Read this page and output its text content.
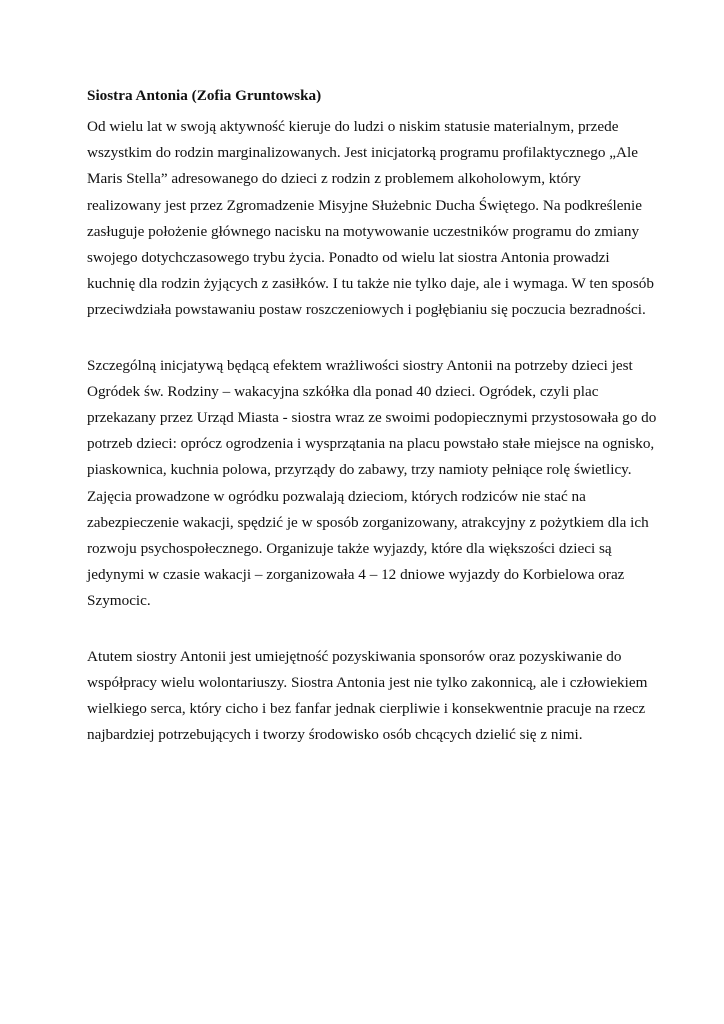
Siostra Antonia (Zofia Gruntowska)
Od wielu lat w swoją aktywność kieruje do ludzi o niskim statusie materialnym, przede
wszystkim do rodzin marginalizowanych. Jest inicjatorką programu profilaktycznego „Ale
Maris Stella” adresowanego do dzieci z rodzin z problemem alkoholowym, który
realizowany jest przez Zgromadzenie Misyjne Służebnic Ducha Świętego. Na podkreślenie
zasługuje położenie głównego nacisku na motywowanie uczestników programu do zmiany
swojego dotychczasowego trybu życia. Ponadto od wielu lat siostra Antonia prowadzi
kuchnię dla rodzin żyjących z zasiłków. I tu także nie tylko daje, ale i wymaga. W ten sposób
przeciwdziała powstawaniu postaw roszczeniowych i pogłębianiu się poczucia bezradności.
Szczególną inicjatywą będącą efektem wrażliwości siostry Antonii na potrzeby dzieci jest
Ogródek św. Rodziny – wakacyjna szkółka dla ponad 40 dzieci. Ogródek, czyli plac
przekazany przez Urząd Miasta - siostra wraz ze swoimi podopiecznymi przystosowała go do
potrzeb dzieci: oprócz ogrodzenia i wysprzątania na placu powstało stałe miejsce na ognisko,
piaskownica, kuchnia polowa, przyrządy do zabawy, trzy namioty pełniące rolę świetlicy.
Zajęcia prowadzone w ogródku pozwalają dzieciom, których rodziców nie stać na
zabezpieczenie wakacji, spędzić je w sposób zorganizowany, atrakcyjny z pożytkiem dla ich
rozwoju psychospołecznego. Organizuje także wyjazdy, które dla większości dzieci są
jedynymi w czasie wakacji – zorganizowała 4 – 12 dniowe wyjazdy do Korbielowa oraz
Szymocic.
Atutem siostry Antonii jest umiejętność pozyskiwania sponsorów oraz pozyskiwanie do
współpracy wielu wolontariuszy. Siostra Antonia jest nie tylko zakonnicą, ale i człowiekiem
wielkiego serca, który cicho i bez fanfar jednak cierpliwie i konsekwentnie pracuje na rzecz
najbardziej potrzebujących i tworzy środowisko osób chcących dzielić się z nimi.
